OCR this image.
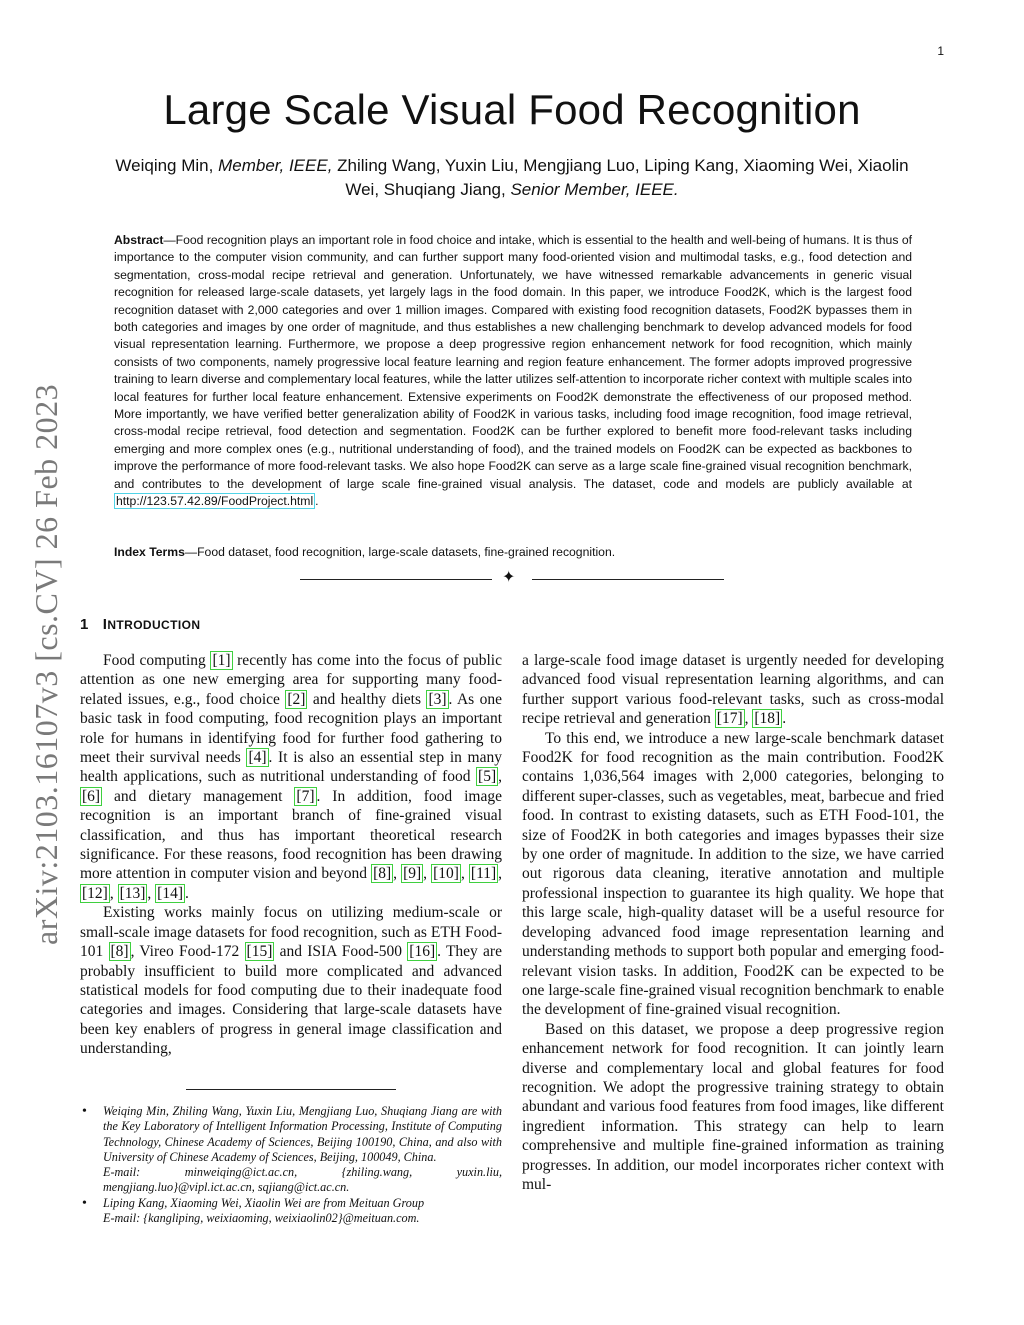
1
Large Scale Visual Food Recognition
Weiqing Min, Member, IEEE, Zhiling Wang, Yuxin Liu, Mengjiang Luo, Liping Kang, Xiaoming Wei, Xiaolin
Wei, Shuqiang Jiang, Senior Member, IEEE.
arXiv:2103.16107v3 [cs.CV] 26 Feb 2023
Abstract—Food recognition plays an important role in food choice and intake, which is essential to the health and well-being of humans. It is thus of importance to the computer vision community, and can further support many food-oriented vision and multimodal tasks, e.g., food detection and segmentation, cross-modal recipe retrieval and generation. Unfortunately, we have witnessed remarkable advancements in generic visual recognition for released large-scale datasets, yet largely lags in the food domain. In this paper, we introduce Food2K, which is the largest food recognition dataset with 2,000 categories and over 1 million images. Compared with existing food recognition datasets, Food2K bypasses them in both categories and images by one order of magnitude, and thus establishes a new challenging benchmark to develop advanced models for food visual representation learning. Furthermore, we propose a deep progressive region enhancement network for food recognition, which mainly consists of two components, namely progressive local feature learning and region feature enhancement. The former adopts improved progressive training to learn diverse and complementary local features, while the latter utilizes self-attention to incorporate richer context with multiple scales into local features for further local feature enhancement. Extensive experiments on Food2K demonstrate the effectiveness of our proposed method. More importantly, we have verified better generalization ability of Food2K in various tasks, including food image recognition, food image retrieval, cross-modal recipe retrieval, food detection and segmentation. Food2K can be further explored to benefit more food-relevant tasks including emerging and more complex ones (e.g., nutritional understanding of food), and the trained models on Food2K can be expected as backbones to improve the performance of more food-relevant tasks. We also hope Food2K can serve as a large scale fine-grained visual recognition benchmark, and contributes to the development of large scale fine-grained visual analysis. The dataset, code and models are publicly available at http://123.57.42.89/FoodProject.html .
Index Terms—Food dataset, food recognition, large-scale datasets, fine-grained recognition.
✦
1 INTRODUCTION

Food computing [1] recently has come into the focus of public attention as one new emerging area for supporting many food-related issues, e.g., food choice [2] and healthy diets [3] . As one basic task in food computing, food recognition plays an important role for humans in identifying food for further food gathering to meet their survival needs [4] . It is also an essential step in many health applications, such as nutritional understanding of food [5] , [6] and dietary management [7] . In addition, food image recognition is an important branch of fine-grained visual classification, and thus has important theoretical research significance. For these reasons, food recognition has been drawing more attention in computer vision and beyond [8] , [9] , [10] , [11] , [12] , [13] , [14] .

Existing works mainly focus on utilizing medium-scale or small-scale image datasets for food recognition, such as ETH Food-101 [8] , Vireo Food-172 [15] and ISIA Food-500 [16] . They are probably insufficient to build more complicated and advanced statistical models for food computing due to their inadequate food categories and images. Considering that large-scale datasets have been key enablers of progress in general image classification and understanding,

a large-scale food image dataset is urgently needed for developing advanced food visual representation learning algorithms, and can further support various food-relevant tasks, such as cross-modal recipe retrieval and generation [17] , [18] .

To this end, we introduce a new large-scale benchmark dataset Food2K for food recognition as the main contribution. Food2K contains 1,036,564 images with 2,000 categories, belonging to different super-classes, such as vegetables, meat, barbecue and fried food. In contrast to existing datasets, such as ETH Food-101, the size of Food2K in both categories and images bypasses their size by one order of magnitude. In addition to the size, we have carried out rigorous data cleaning, iterative annotation and multiple professional inspection to guarantee its high quality. We hope that this large scale, high-quality dataset will be a useful resource for developing advanced food image representation learning and understanding methods to support both popular and emerging food-relevant vision tasks. In addition, Food2K can be expected to be one large-scale fine-grained visual recognition benchmark to enable the development of fine-grained visual recognition.

Based on this dataset, we propose a deep progressive region enhancement network for food recognition. It can jointly learn diverse and complementary local and global features for food recognition. We adopt the progressive training strategy to obtain abundant and various food features from food images, like different ingredient information. This strategy can help to learn comprehensive and multiple fine-grained information as training progresses. In addition, our model incorporates richer context with mul-

• Weiqing Min, Zhiling Wang, Yuxin Liu, Mengjiang Luo, Shuqiang Jiang are with the Key Laboratory of Intelligent Information Processing, Institute of Computing Technology, Chinese Academy of Sciences, Beijing 100190, China, and also with University of Chinese Academy of Sciences, Beijing, 100049, China.
E-mail: minweiqing@ict.ac.cn, {zhiling.wang, yuxin.liu, mengjiang.luo}@vipl.ict.ac.cn, sqjiang@ict.ac.cn.
• Liping Kang, Xiaoming Wei, Xiaolin Wei are from Meituan Group
E-mail: {kangliping, weixiaoming, weixiaolin02}@meituan.com.
